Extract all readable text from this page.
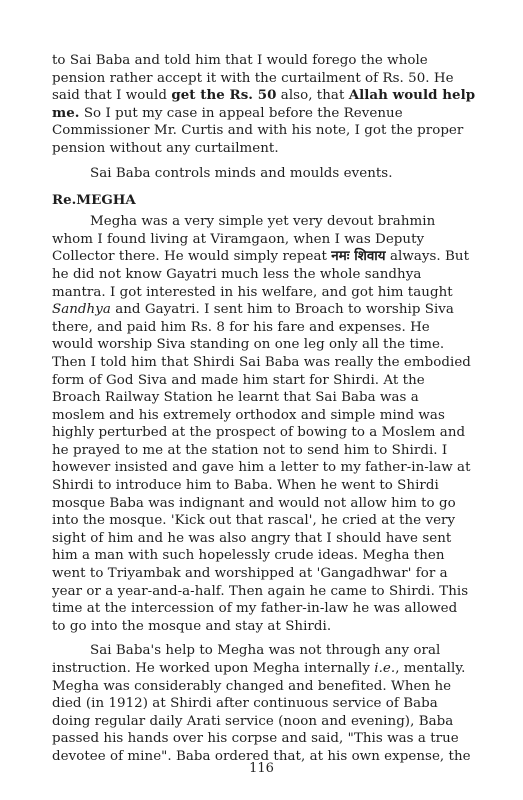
to Sai Baba and told him that I would forego the whole
pension rather accept it with the curtailment of Rs. 50. He
said that I would get the Rs. 50 also, that Allah would help
me. So I put my case in appeal before the Revenue
Commissioner Mr. Curtis and with his note, I got the proper
pension without any curtailment.

Sai Baba controls minds and moulds events.

Re.MEGHA

Megha was a very simple yet very devout brahmin
whom I found living at Viramgaon, when I was Deputy
Collector there. He would simply repeat नमः शिवाय always. But
he did not know Gayatri much less the whole sandhya
mantra. I got interested in his welfare, and got him taught
Sandhya and Gayatri. I sent him to Broach to worship Siva
there, and paid him Rs. 8 for his fare and expenses. He
would worship Siva standing on one leg only all the time.
Then I told him that Shirdi Sai Baba was really the embodied
form of God Siva and made him start for Shirdi. At the
Broach Railway Station he learnt that Sai Baba was a
moslem and his extremely orthodox and simple mind was
highly perturbed at the prospect of bowing to a Moslem and
he prayed to me at the station not to send him to Shirdi. I
however insisted and gave him a letter to my father-in-law at
Shirdi to introduce him to Baba. When he went to Shirdi
mosque Baba was indignant and would not allow him to go
into the mosque. 'Kick out that rascal', he cried at the very
sight of him and he was also angry that I should have sent
him a man with such hopelessly crude ideas. Megha then
went to Triyambak and worshipped at 'Gangadhwar' for a
year or a year-and-a-half. Then again he came to Shirdi. This
time at the intercession of my father-in-law he was allowed
to go into the mosque and stay at Shirdi.

Sai Baba's help to Megha was not through any oral
instruction. He worked upon Megha internally i.e., mentally.
Megha was considerably changed and benefited. When he
died (in 1912) at Shirdi after continuous service of Baba
doing regular daily Arati service (noon and evening), Baba
passed his hands over his corpse and said, "This was a true
devotee of mine". Baba ordered that, at his own expense, the

116
